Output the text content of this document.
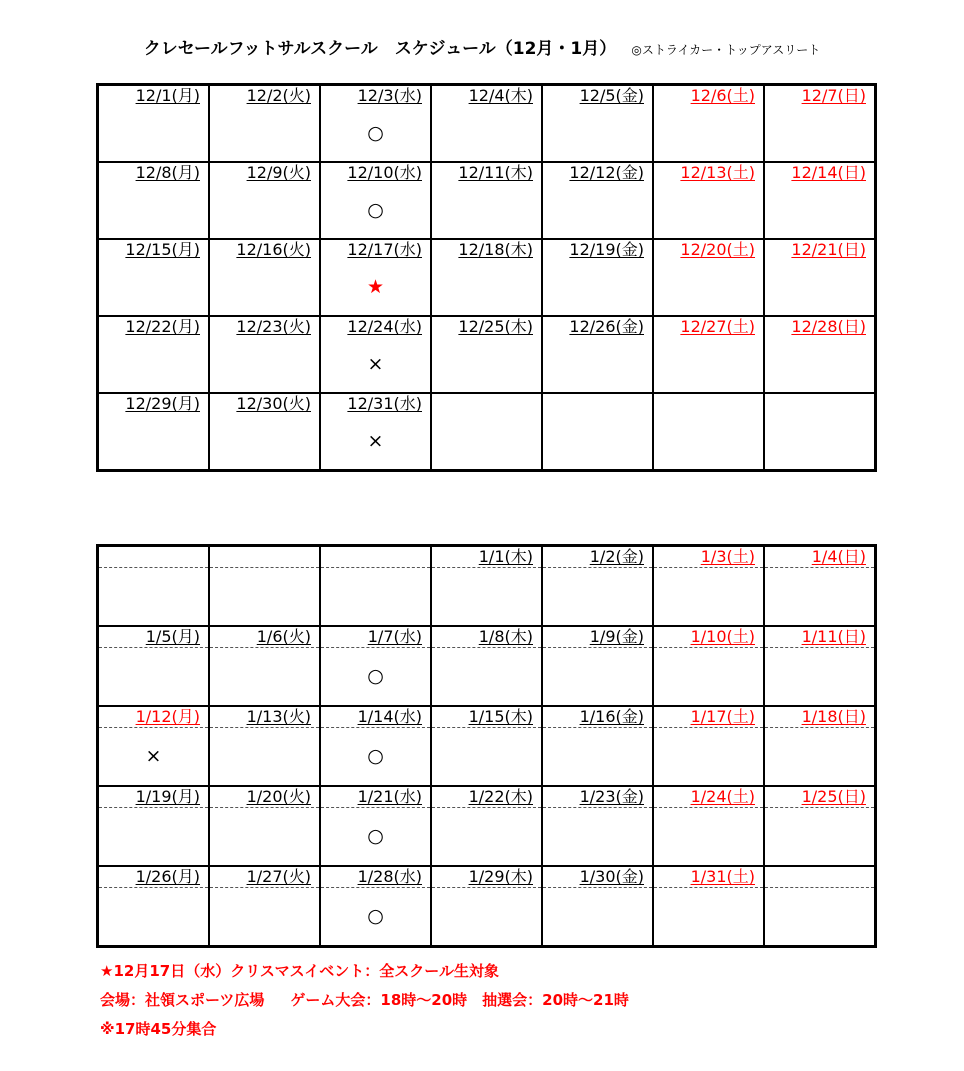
クレセールフットサルスクール　スケジュール（12月・1月） ◎ストライカー・トップアスリート
12/1(月)	12/2(火)	12/3(水)	12/4(木)	12/5(金)	12/6(土)	12/7(日)
		○				
12/8(月)	12/9(火)	12/10(水)	12/11(木)	12/12(金)	12/13(土)	12/14(日)
		○				
12/15(月)	12/16(火)	12/17(水)	12/18(木)	12/19(金)	12/20(土)	12/21(日)
		★				
12/22(月)	12/23(火)	12/24(水)	12/25(木)	12/26(金)	12/27(土)	12/28(日)
		×				
12/29(月)	12/30(火)	12/31(水)				
		×				
			1/1(木)	1/2(金)	1/3(土)	1/4(日)

1/5(月)	1/6(火)	1/7(水)	1/8(木)	1/9(金)	1/10(土)	1/11(日)
		○				
1/12(月)	1/13(火)	1/14(水)	1/15(木)	1/16(金)	1/17(土)	1/18(日)
×		○				
1/19(月)	1/20(火)	1/21(水)	1/22(木)	1/23(金)	1/24(土)	1/25(日)
		○				
1/26(月)	1/27(火)	1/28(水)	1/29(木)	1/30(金)	1/31(土)	
		○				
★12月17日（水）クリスマスイベント：全スクール生対象
会場：社領スポーツ広場 ゲーム大会：18時～20時　抽選会：20時～21時
※17時45分集合
